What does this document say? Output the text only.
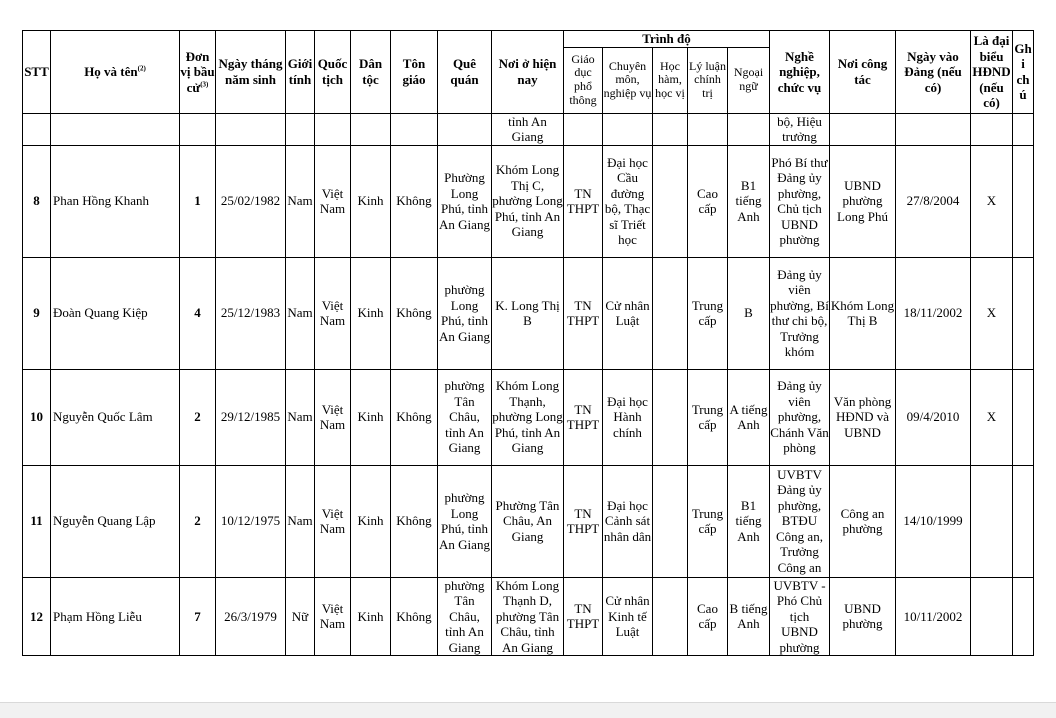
STT	Họ và tên$^{(2)}$	Đơn vị bầu cử$^{(3)}$	Ngày tháng năm sinh	Giới tính	Quốc tịch	Dân tộc	Tôn giáo	Quê quán	Nơi ở hiện nay	Trình độ					Nghề nghiệp, chức vụ	Nơi công tác	Ngày vào Đảng (nếu có)	Là đại biểu HĐND (nếu có)	Ghi chú
										Giáo dục phổ thông	Chuyên môn, nghiệp vụ	Học hàm, học vị	Lý luận chính trị	Ngoại ngữ					
									tỉnh An Giang						bộ, Hiệu trưởng				
8	Phan Hồng Khanh	1	25/02/1982	Nam	Việt Nam	Kinh	Không	Phường Long Phú, tỉnh An Giang	Khóm Long Thị C, phường Long Phú, tỉnh An Giang	TN THPT	Đại học Cầu đường bộ, Thạc sĩ Triết học		Cao cấp	B1 tiếng Anh	Phó Bí thư Đảng ủy phường, Chủ tịch UBND phường	UBND phường Long Phú	27/8/2004	X	
9	Đoàn Quang Kiệp	4	25/12/1983	Nam	Việt Nam	Kinh	Không	phường Long Phú, tỉnh An Giang	K. Long Thị B	TN THPT	Cử nhân Luật		Trung cấp	B	Đảng ủy viên phường, Bí thư chi bộ, Trưởng khóm	Khóm Long Thị B	18/11/2002	X	
10	Nguyễn Quốc Lâm	2	29/12/1985	Nam	Việt Nam	Kinh	Không	phường Tân Châu, tỉnh An Giang	Khóm Long Thạnh, phường Long Phú, tỉnh An Giang	TN THPT	Đại học Hành chính		Trung cấp	A tiếng Anh	Đảng ủy viên phường, Chánh Văn phòng	Văn phòng HĐND và UBND	09/4/2010	X	
11	Nguyễn Quang Lập	2	10/12/1975	Nam	Việt Nam	Kinh	Không	phường Long Phú, tỉnh An Giang	Phường Tân Châu, An Giang	TN THPT	Đại học Cảnh sát nhân dân		Trung cấp	B1 tiếng Anh	UVBTV Đảng ủy phường, BTĐU Công an, Trưởng Công an	Công an phường	14/10/1999		
12	Phạm Hồng Liễu	7	26/3/1979	Nữ	Việt Nam	Kinh	Không	phường Tân Châu, tỉnh An Giang	Khóm Long Thạnh D, phường Tân Châu, tỉnh An Giang	TN THPT	Cử nhân Kinh tế Luật		Cao cấp	B tiếng Anh	UVBTV - Phó Chủ tịch UBND phường	UBND phường	10/11/2002		
